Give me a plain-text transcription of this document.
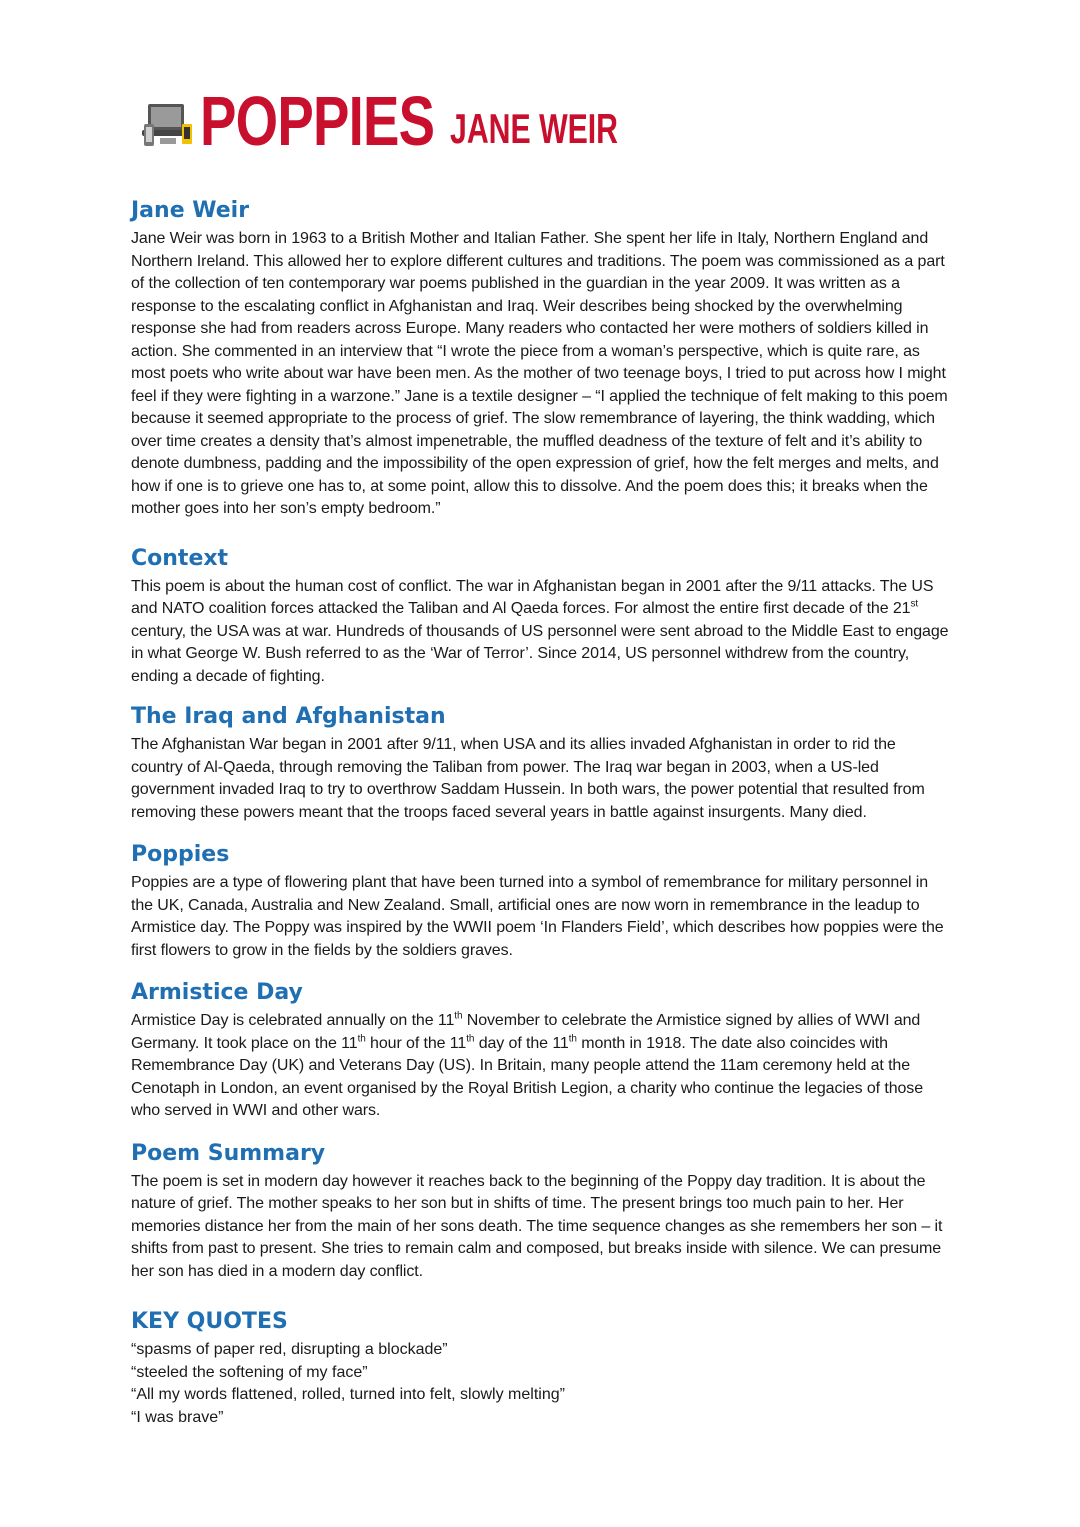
POPPIES JANE WEIR
Jane Weir

Jane Weir was born in 1963 to a British Mother and Italian Father. She spent her life in Italy, Northern England and Northern Ireland. This allowed her to explore different cultures and traditions. The poem was commissioned as a part of the collection of ten contemporary war poems published in the guardian in the year 2009. It was written as a response to the escalating conflict in Afghanistan and Iraq. Weir describes being shocked by the overwhelming response she had from readers across Europe. Many readers who contacted her were mothers of soldiers killed in action. She commented in an interview that “I wrote the piece from a woman’s perspective, which is quite rare, as most poets who write about war have been men. As the mother of two teenage boys, I tried to put across how I might feel if they were fighting in a warzone.” Jane is a textile designer – “I applied the technique of felt making to this poem because it seemed appropriate to the process of grief. The slow remembrance of layering, the think wadding, which over time creates a density that’s almost impenetrable, the muffled deadness of the texture of felt and it’s ability to denote dumbness, padding and the impossibility of the open expression of grief, how the felt merges and melts, and how if one is to grieve one has to, at some point, allow this to dissolve. And the poem does this; it breaks when the mother goes into her son’s empty bedroom.”

Context

This poem is about the human cost of conflict. The war in Afghanistan began in 2001 after the 9/11 attacks. The US and NATO coalition forces attacked the Taliban and Al Qaeda forces. For almost the entire first decade of the 21st century, the USA was at war. Hundreds of thousands of US personnel were sent abroad to the Middle East to engage in what George W. Bush referred to as the ‘War of Terror’. Since 2014, US personnel withdrew from the country, ending a decade of fighting.

The Iraq and Afghanistan

The Afghanistan War began in 2001 after 9/11, when USA and its allies invaded Afghanistan in order to rid the country of Al-Qaeda, through removing the Taliban from power. The Iraq war began in 2003, when a US-led government invaded Iraq to try to overthrow Saddam Hussein. In both wars, the power potential that resulted from removing these powers meant that the troops faced several years in battle against insurgents. Many died.

Poppies

Poppies are a type of flowering plant that have been turned into a symbol of remembrance for military personnel in the UK, Canada, Australia and New Zealand. Small, artificial ones are now worn in remembrance in the leadup to Armistice day. The Poppy was inspired by the WWII poem ‘In Flanders Field’, which describes how poppies were the first flowers to grow in the fields by the soldiers graves.

Armistice Day

Armistice Day is celebrated annually on the 11th November to celebrate the Armistice signed by allies of WWI and Germany. It took place on the 11th hour of the 11th day of the 11th month in 1918. The date also coincides with Remembrance Day (UK) and Veterans Day (US). In Britain, many people attend the 11am ceremony held at the Cenotaph in London, an event organised by the Royal British Legion, a charity who continue the legacies of those who served in WWI and other wars.

Poem Summary

The poem is set in modern day however it reaches back to the beginning of the Poppy day tradition. It is about the nature of grief. The mother speaks to her son but in shifts of time. The present brings too much pain to her. Her memories distance her from the main of her sons death. The time sequence changes as she remembers her son – it shifts from past to present. She tries to remain calm and composed, but breaks inside with silence. We can presume her son has died in a modern day conflict.

KEY QUOTES
“spasms of paper red, disrupting a blockade”
“steeled the softening of my face”
“All my words flattened, rolled, turned into felt, slowly melting”
“I was brave”
